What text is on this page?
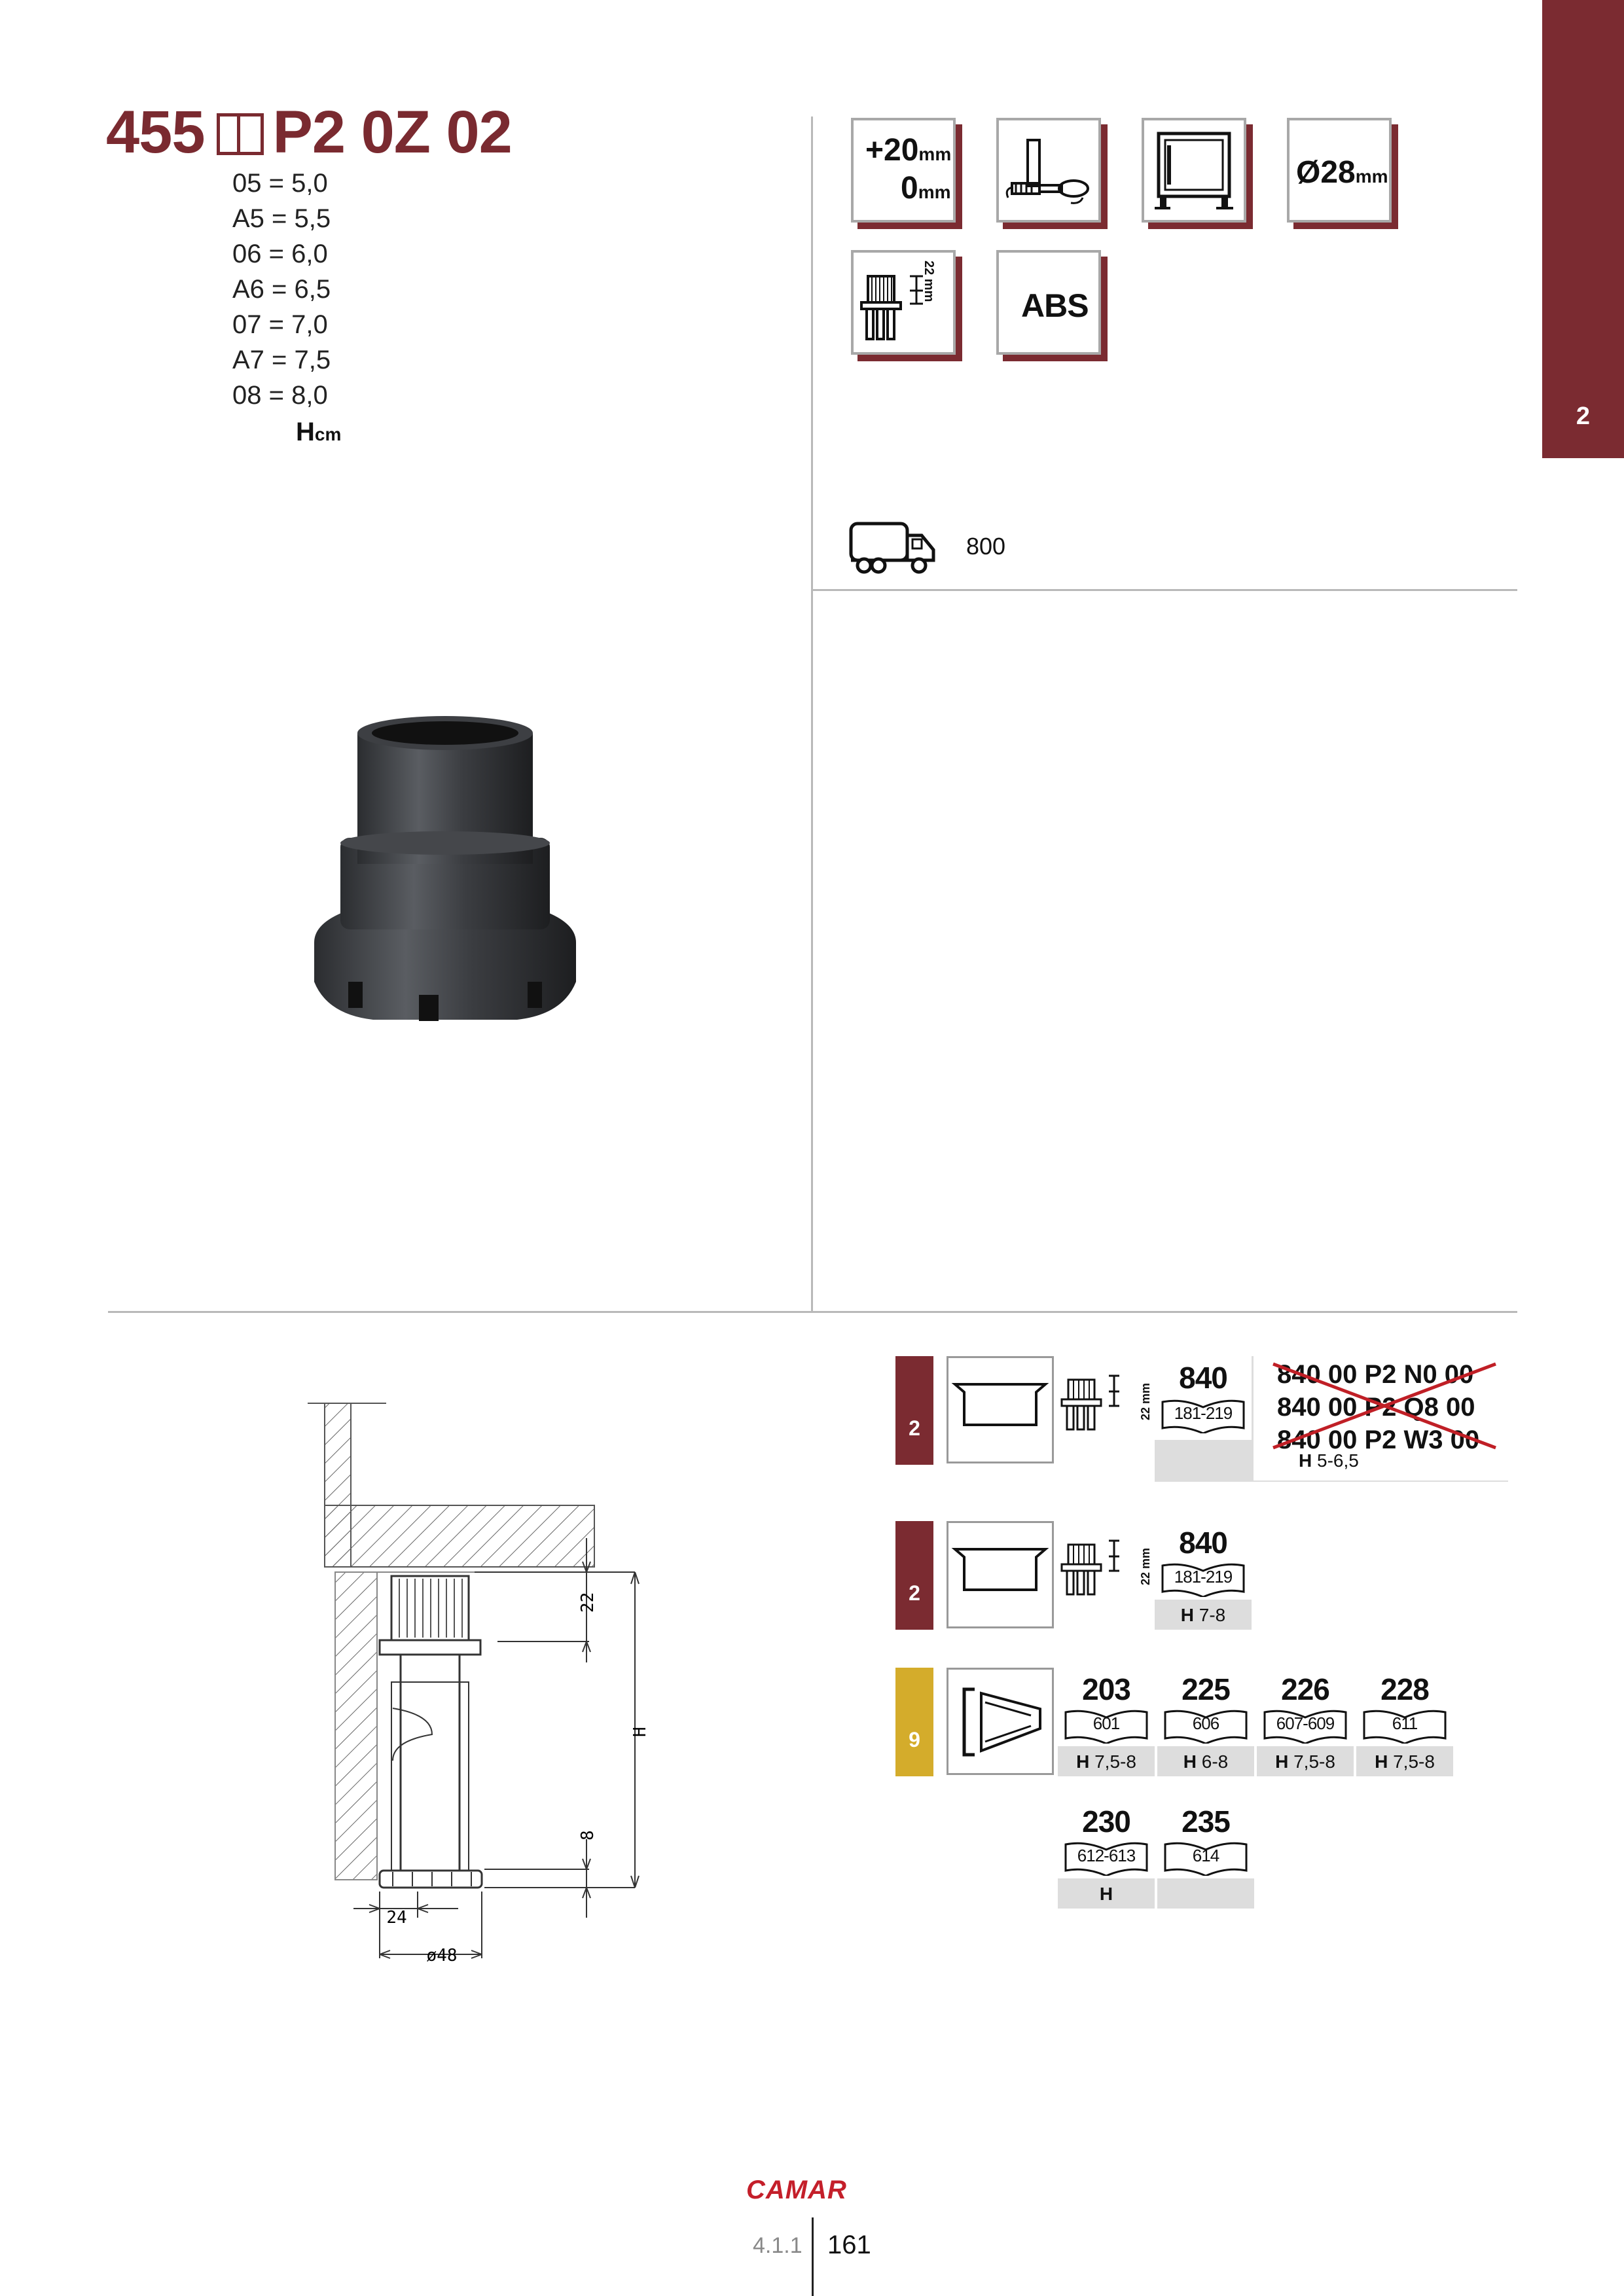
2
455 P2 0Z 02
05 = 5,0
A5 = 5,5
06 = 6,0
A6 = 6,5
07 = 7,0
A7 = 7,5
08 = 8,0
Hcm
+20mm
0mm
Ø28mm
22 mm
ABS
800
22
H
8
24
ø48
2
22 mm
840
181-219
840 00 P2 N0 00
840 00 P2 Q8 00
840 00 P2 W3 00
H 5-6,5
2
22 mm
840
181-219
H 7-8
9
203
601
H 7,5-8
225
606
H 6-8
226
607-609
H 7,5-8
228
611
H 7,5-8
230
612-613
H
235
614
CAMAR
4.1.1 161
